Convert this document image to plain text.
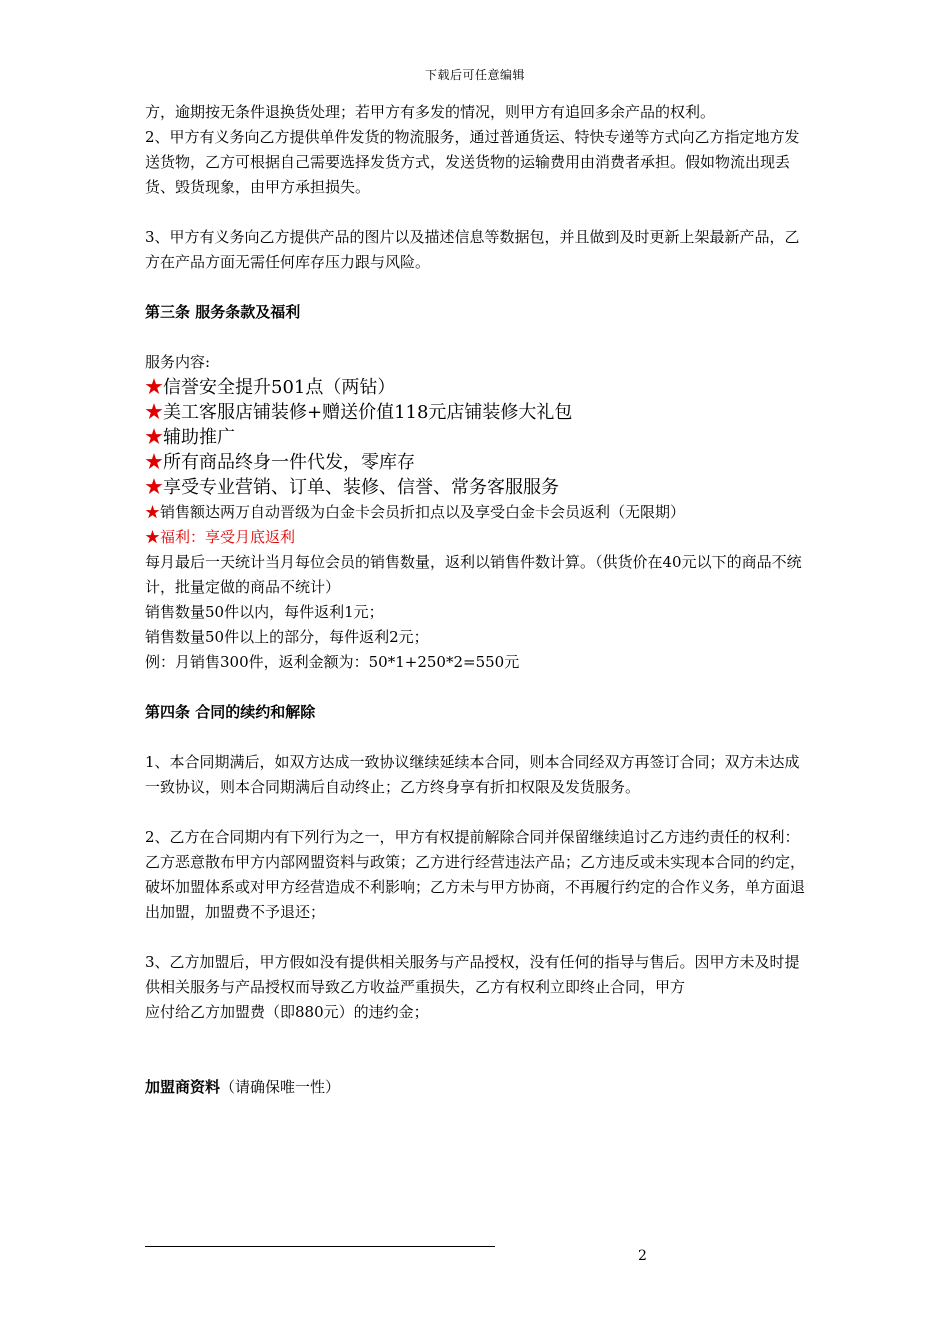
下载后可任意编辑

方，逾期按无条件退换货处理；若甲方有多发的情况，则甲方有追回多余产品的权利。

2、甲方有义务向乙方提供单件发货的物流服务，通过普通货运、特快专递等方式向乙方指定地方发送货物，乙方可根据自己需要选择发货方式，发送货物的运输费用由消费者承担。假如物流出现丢货、毁货现象，由甲方承担损失。

3、甲方有义务向乙方提供产品的图片以及描述信息等数据包，并且做到及时更新上架最新产品，乙方在产品方面无需任何库存压力跟与风险。

第三条 服务条款及福利

服务内容:

★信誉安全提升501点（两钻）

★美工客服店铺装修+赠送价值118元店铺装修大礼包

★辅助推广

★所有商品终身一件代发，零库存

★享受专业营销、订单、装修、信誉、常务客服服务

★销售额达两万自动晋级为白金卡会员折扣点以及享受白金卡会员返利（无限期）

★福利：享受月底返利

每月最后一天统计当月每位会员的销售数量，返利以销售件数计算。（供货价在40元以下的商品不统计，批量定做的商品不统计）

销售数量50件以内，每件返利1元；

销售数量50件以上的部分，每件返利2元；

例：月销售300件，返利金额为：50*1+250*2=550元

第四条 合同的续约和解除

1、本合同期满后，如双方达成一致协议继续延续本合同，则本合同经双方再签订合同；双方未达成一致协议，则本合同期满后自动终止；乙方终身享有折扣权限及发货服务。

2、乙方在合同期内有下列行为之一，甲方有权提前解除合同并保留继续追讨乙方违约责任的权利：乙方恶意散布甲方内部网盟资料与政策；乙方进行经营违法产品；乙方违反或未实现本合同的约定，破坏加盟体系或对甲方经营造成不利影响；乙方未与甲方协商，不再履行约定的合作义务，单方面退出加盟，加盟费不予退还；

3、乙方加盟后，甲方假如没有提供相关服务与产品授权，没有任何的指导与售后。因甲方未及时提供相关服务与产品授权而导致乙方收益严重损失，乙方有权利立即终止合同，甲方

应付给乙方加盟费（即880元）的违约金；

加盟商资料（请确保唯一性）

2
